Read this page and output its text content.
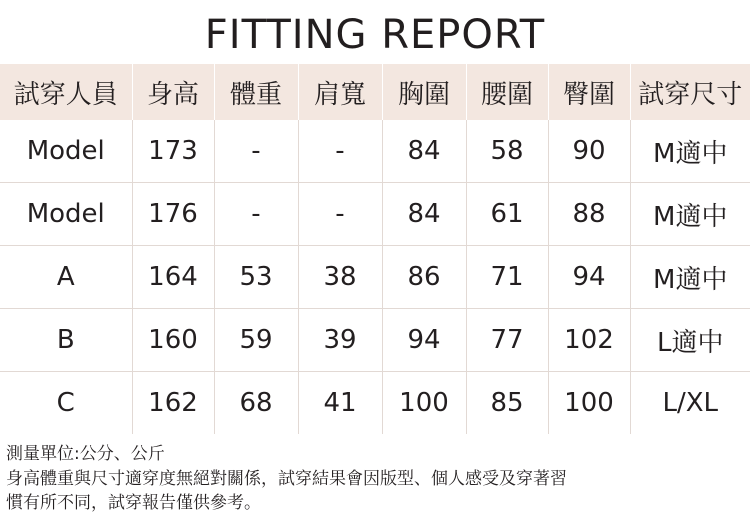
FITTING REPORT
試穿人員	身高	體重	肩寬	胸圍	腰圍	臀圍	試穿尺寸
Model	173	-	-	84	58	90	M適中
Model	176	-	-	84	61	88	M適中
A	164	53	38	86	71	94	M適中
B	160	59	39	94	77	102	L適中
C	162	68	41	100	85	100	L/XL
測量單位:公分、公斤
身高體重與尺寸適穿度無絕對關係，試穿結果會因版型、個人感受及穿著習
慣有所不同，試穿報告僅供參考。
